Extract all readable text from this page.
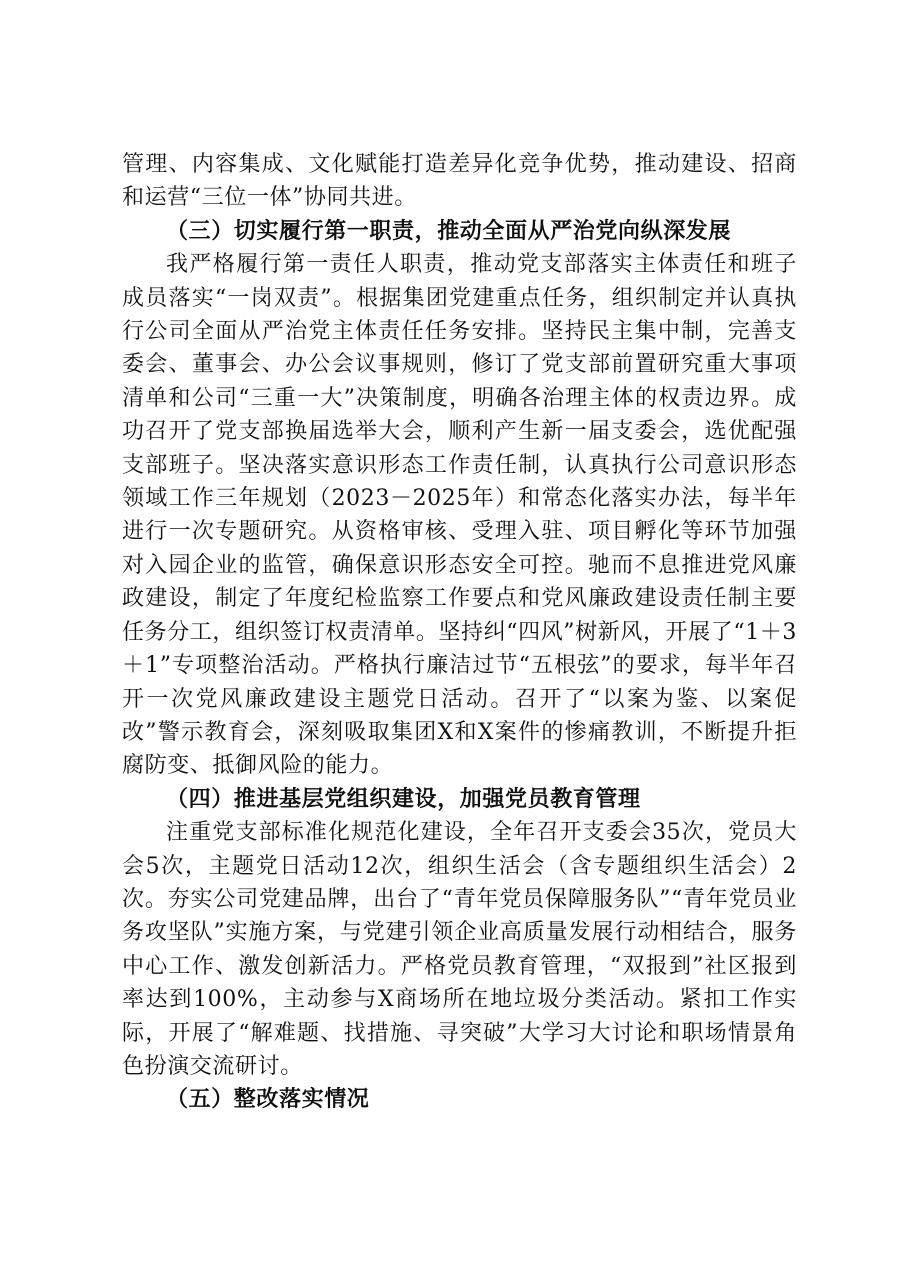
管理、内容集成、文化赋能打造差异化竞争优势，推动建设、招商和运营“三位一体”协同共进。

（三）切实履行第一职责，推动全面从严治党向纵深发展

我严格履行第一责任人职责，推动党支部落实主体责任和班子成员落实“一岗双责”。根据集团党建重点任务，组织制定并认真执行公司全面从严治党主体责任任务安排。坚持民主集中制，完善支委会、董事会、办公会议事规则，修订了党支部前置研究重大事项清单和公司“三重一大”决策制度，明确各治理主体的权责边界。成功召开了党支部换届选举大会，顺利产生新一届支委会，选优配强支部班子。坚决落实意识形态工作责任制，认真执行公司意识形态领域工作三年规划（2023－2025年）和常态化落实办法，每半年进行一次专题研究。从资格审核、受理入驻、项目孵化等环节加强对入园企业的监管，确保意识形态安全可控。驰而不息推进党风廉政建设，制定了年度纪检监察工作要点和党风廉政建设责任制主要任务分工，组织签订权责清单。坚持纠“四风”树新风，开展了“1＋3＋1”专项整治活动。严格执行廉洁过节“五根弦”的要求，每半年召开一次党风廉政建设主题党日活动。召开了“以案为鉴、以案促改”警示教育会，深刻吸取集团X和X案件的惨痛教训，不断提升拒腐防变、抵御风险的能力。

（四）推进基层党组织建设，加强党员教育管理

注重党支部标准化规范化建设，全年召开支委会35次，党员大会5次，主题党日活动12次，组织生活会（含专题组织生活会）2次。夯实公司党建品牌，出台了“青年党员保障服务队”“青年党员业务攻坚队”实施方案，与党建引领企业高质量发展行动相结合，服务中心工作、激发创新活力。严格党员教育管理，“双报到”社区报到率达到100%，主动参与X商场所在地垃圾分类活动。紧扣工作实际，开展了“解难题、找措施、寻突破”大学习大讨论和职场情景角色扮演交流研讨。

（五）整改落实情况
